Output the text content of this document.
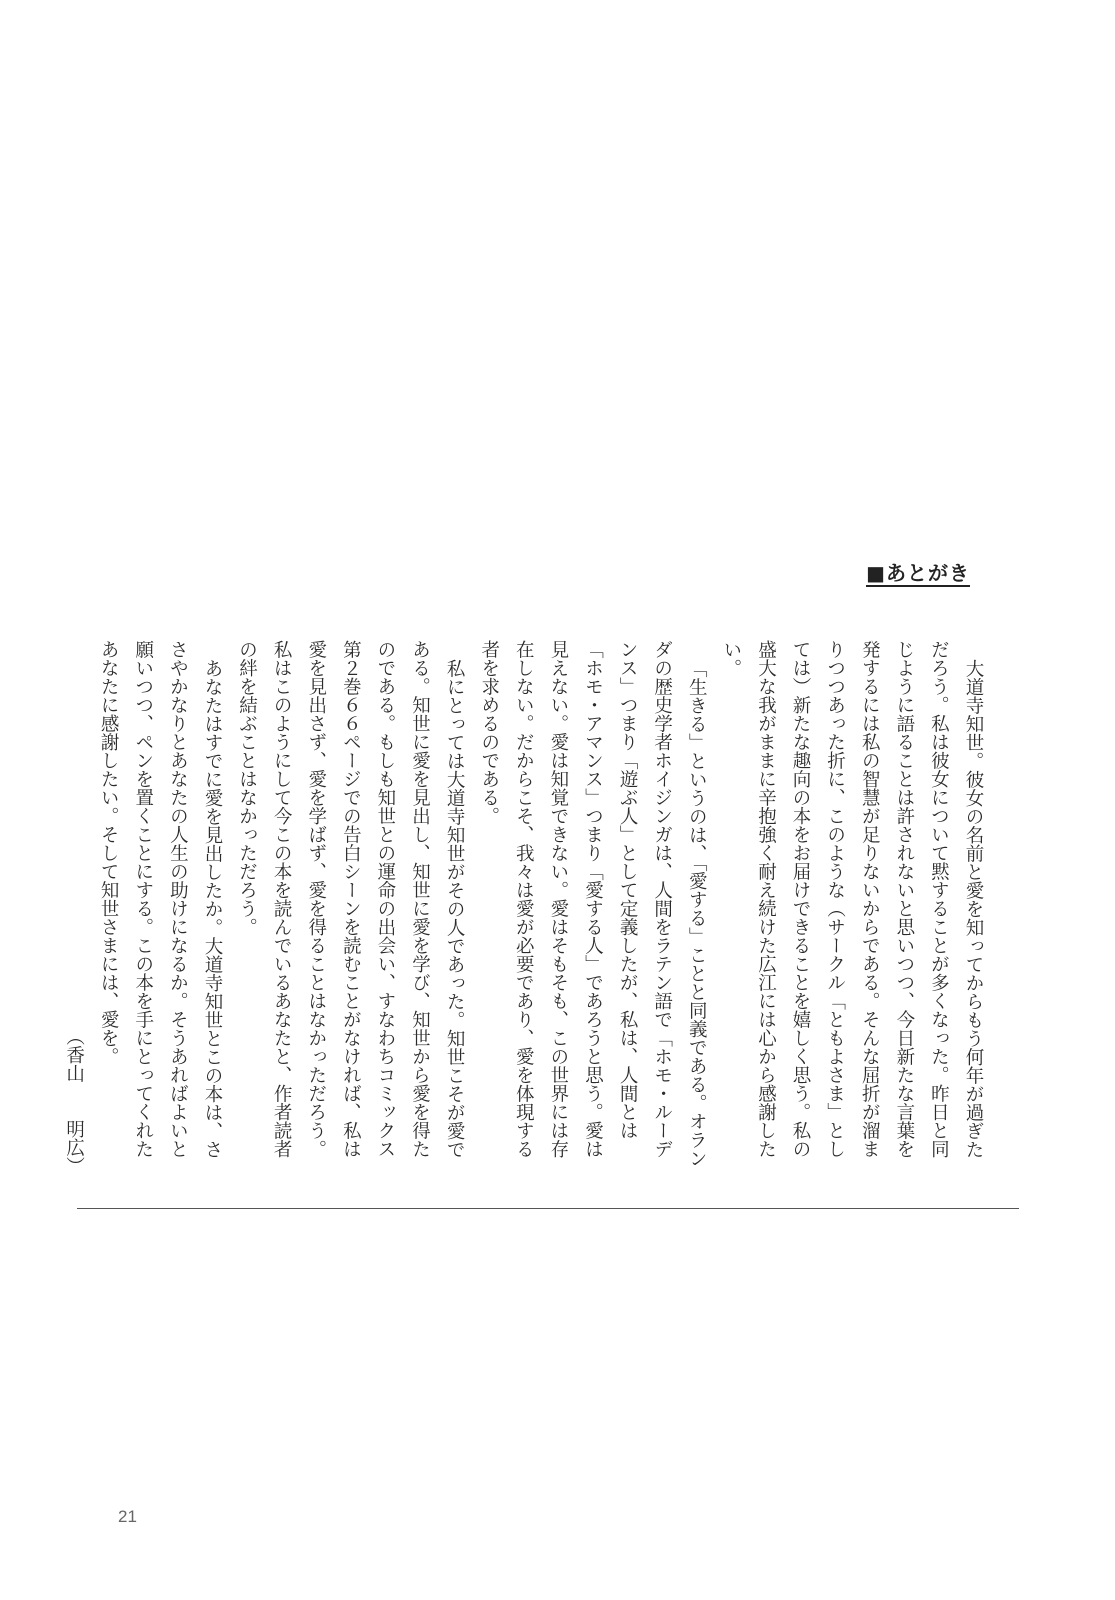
■あとがき

大道寺知世。彼女の名前と愛を知ってからもう何年が過ぎただろう。私は彼女について黙することが多くなった。昨日と同じように語ることは許されないと思いつつ、今日新たな言葉を発するには私の智慧が足りないからである。そんな屈折が溜まりつつあった折に、このような（サークル「ともよさま」としては）新たな趣向の本をお届けできることを嬉しく思う。私の盛大な我がままに辛抱強く耐え続けた広江には心から感謝したい。

「生きる」というのは、「愛する」ことと同義である。オランダの歴史学者ホイジンガは、人間をラテン語で「ホモ・ルーデンス」つまり「遊ぶ人」として定義したが、私は、人間とは「ホモ・アマンス」つまり「愛する人」であろうと思う。愛は見えない。愛は知覚できない。愛はそもそも、この世界には存在しない。だからこそ、我々は愛が必要であり、愛を体現する者を求めるのである。

私にとっては大道寺知世がその人であった。知世こそが愛である。知世に愛を見出し、知世に愛を学び、知世から愛を得たのである。もしも知世との運命の出会い、すなわちコミックス第２巻６６ページでの告白シーンを読むことがなければ、私は愛を見出さず、愛を学ばず、愛を得ることはなかっただろう。私はこのようにして今この本を読んでいるあなたと、作者読者の絆を結ぶことはなかっただろう。

あなたはすでに愛を見出したか。大道寺知世とこの本は、ささやかなりとあなたの人生の助けになるか。そうあればよいと願いつつ、ペンを置くことにする。この本を手にとってくれたあなたに感謝したい。そして知世さまには、愛を。

（香山　　明広）

21
